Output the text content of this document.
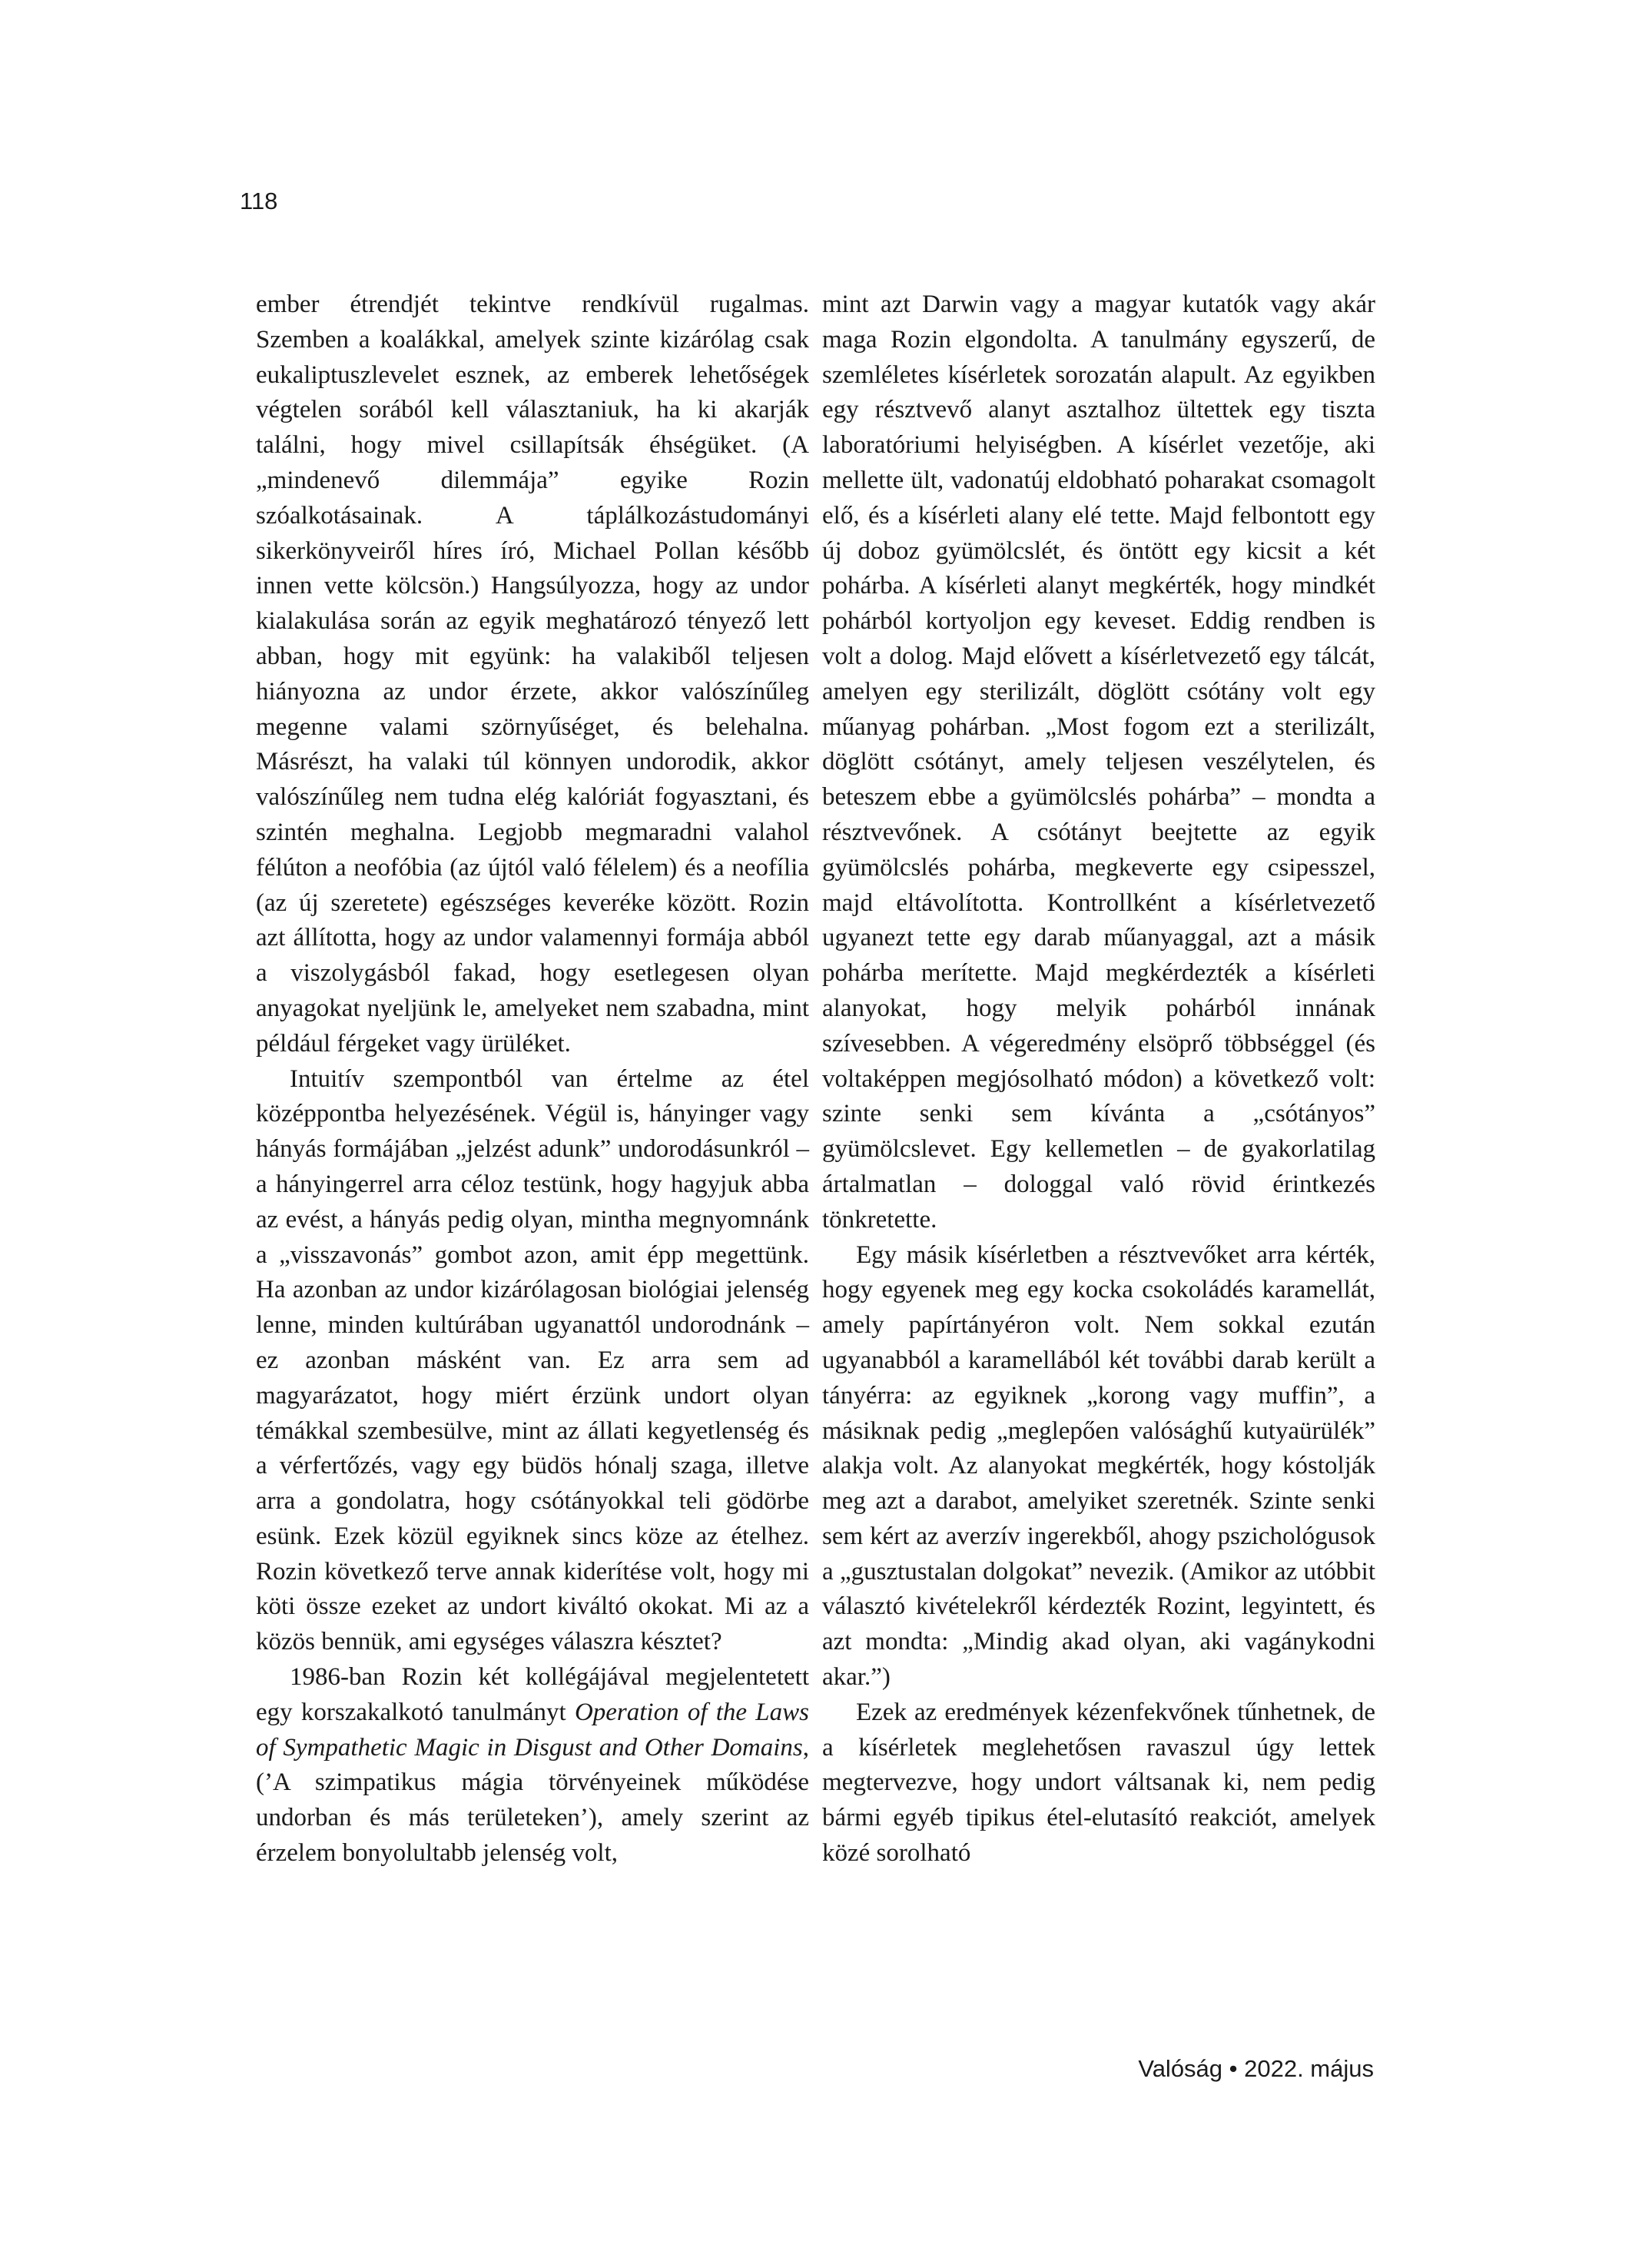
118

ember étrendjét tekintve rendkívül rugalmas. Szemben a koalákkal, amelyek szinte kizárólag csak eukaliptuszlevelet esznek, az emberek lehetőségek végtelen sorából kell választaniuk, ha ki akarják találni, hogy mivel csillapítsák éhségüket. (A „mindenevő dilemmája” egyike Rozin szóalkotásainak. A táplálkozástudományi sikerkönyveiről híres író, Michael Pollan később innen vette kölcsön.) Hangsúlyozza, hogy az undor kialakulása során az egyik meghatározó tényező lett abban, hogy mit együnk: ha valakiből teljesen hiányozna az undor érzete, akkor valószínűleg megenne valami szörnyűséget, és belehalna. Másrészt, ha valaki túl könnyen undorodik, akkor valószínűleg nem tudna elég kalóriát fogyasztani, és szintén meghalna. Legjobb megmaradni valahol félúton a neofóbia (az újtól való félelem) és a neofília (az új szeretete) egészséges keveréke között. Rozin azt állította, hogy az undor valamennyi formája abból a viszolygásból fakad, hogy esetlegesen olyan anyagokat nyeljünk le, amelyeket nem szabadna, mint például férgeket vagy ürüléket.

Intuitív szempontból van értelme az étel középpontba helyezésének. Végül is, hányinger vagy hányás formájában „jelzést adunk” undorodásunkról – a hányingerrel arra céloz testünk, hogy hagyjuk abba az evést, a hányás pedig olyan, mintha megnyomnánk a „visszavonás” gombot azon, amit épp megettünk. Ha azonban az undor kizárólagosan biológiai jelenség lenne, minden kultúrában ugyanattól undorodnánk – ez azonban másként van. Ez arra sem ad magyarázatot, hogy miért érzünk undort olyan témákkal szembesülve, mint az állati kegyetlenség és a vérfertőzés, vagy egy büdös hónalj szaga, illetve arra a gondolatra, hogy csótányokkal teli gödörbe esünk. Ezek közül egyiknek sincs köze az ételhez. Rozin következő terve annak kiderítése volt, hogy mi köti össze ezeket az undort kiváltó okokat. Mi az a közös bennük, ami egységes válaszra késztet?

1986-ban Rozin két kollégájával megjelentetett egy korszakalkotó tanulmányt Operation of the Laws of Sympathetic Magic in Disgust and Other Domains, (’A szimpatikus mágia törvényeinek működése undorban és más területeken’), amely szerint az érzelem bonyolultabb jelenség volt,

mint azt Darwin vagy a magyar kutatók vagy akár maga Rozin elgondolta. A tanulmány egyszerű, de szemléletes kísérletek sorozatán alapult. Az egyikben egy résztvevő alanyt asztalhoz ültettek egy tiszta laboratóriumi helyiségben. A kísérlet vezetője, aki mellette ült, vadonatúj eldobható poharakat csomagolt elő, és a kísérleti alany elé tette. Majd felbontott egy új doboz gyümölcslét, és öntött egy kicsit a két pohárba. A kísérleti alanyt megkérték, hogy mindkét pohárból kortyoljon egy keveset. Eddig rendben is volt a dolog. Majd elővett a kísérletvezető egy tálcát, amelyen egy sterilizált, döglött csótány volt egy műanyag pohárban. „Most fogom ezt a sterilizált, döglött csótányt, amely teljesen veszélytelen, és beteszem ebbe a gyümölcslés pohárba” – mondta a résztvevőnek. A csótányt beejtette az egyik gyümölcslés pohárba, megkeverte egy csipesszel, majd eltávolította. Kontrollként a kísérletvezető ugyanezt tette egy darab műanyaggal, azt a másik pohárba merítette. Majd megkérdezték a kísérleti alanyokat, hogy melyik pohárból innának szívesebben. A végeredmény elsöprő többséggel (és voltaképpen megjósolható módon) a következő volt: szinte senki sem kívánta a „csótányos” gyümölcslevet. Egy kellemetlen – de gyakorlatilag ártalmatlan – dologgal való rövid érintkezés tönkretette.

Egy másik kísérletben a résztvevőket arra kérték, hogy egyenek meg egy kocka csokoládés karamellát, amely papírtányéron volt. Nem sokkal ezután ugyanabból a karamellából két további darab került a tányérra: az egyiknek „korong vagy muffin”, a másiknak pedig „meglepően valósághű kutyaürülék” alakja volt. Az alanyokat megkérték, hogy kóstolják meg azt a darabot, amelyiket szeretnék. Szinte senki sem kért az averzív ingerekből, ahogy pszichológusok a „gusztustalan dolgokat” nevezik. (Amikor az utóbbit választó kivételekről kérdezték Rozint, legyintett, és azt mondta: „Mindig akad olyan, aki vagánykodni akar.”)

Ezek az eredmények kézenfekvőnek tűnhetnek, de a kísérletek meglehetősen ravaszul úgy lettek megtervezve, hogy undort váltsanak ki, nem pedig bármi egyéb tipikus étel-elutasító reakciót, amelyek közé sorolható

Valóság • 2022. május
